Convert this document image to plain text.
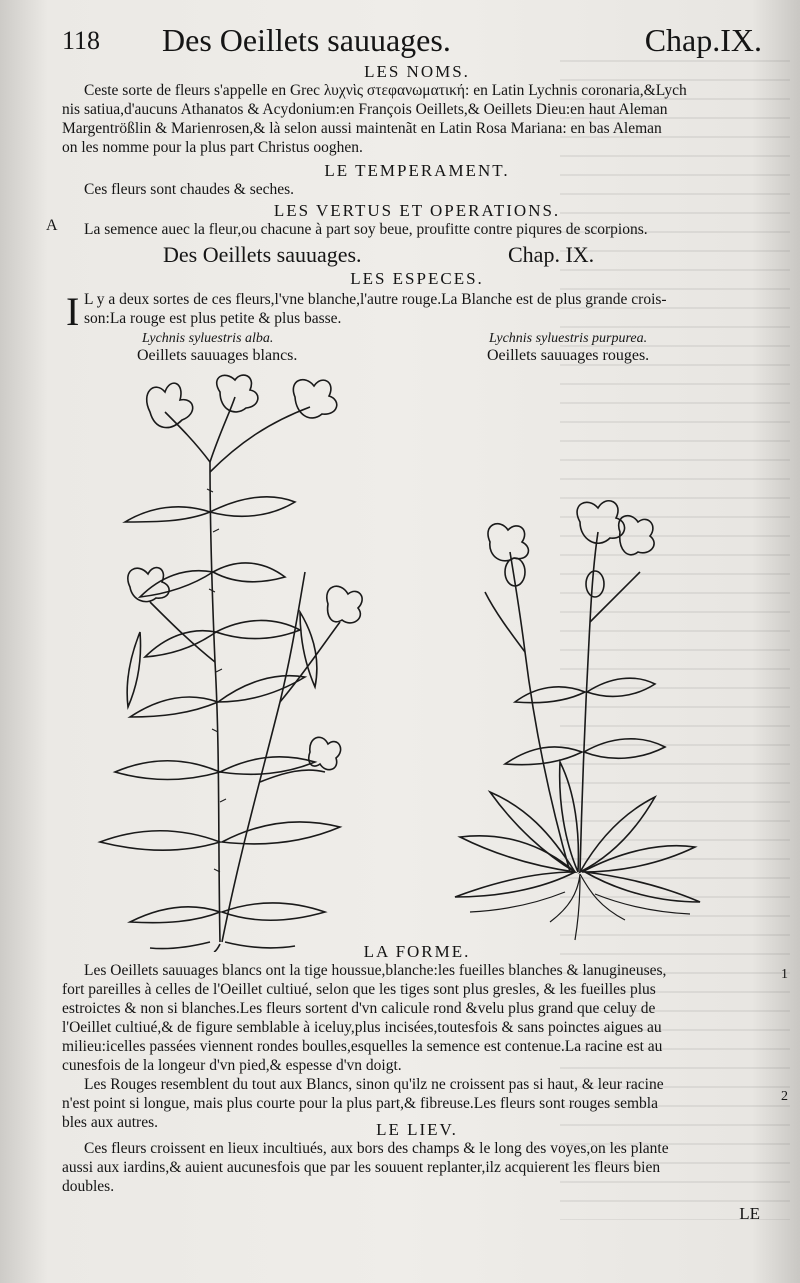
118 Des Oeillets sauuages.	Chap.IX.
LES NOMS.
Ceste sorte de fleurs s'appelle en Grec λυχνὶς στεφανωματική: en Latin Lychnis coronaria,&Lych
nis satiua,d'aucuns Athanatos & Acydonium:en François Oeillets,& Oeillets Dieu:en haut Aleman
Margentrößlin & Marienrosen,& là selon aussi maintenãt en Latin Rosa Mariana: en bas Aleman
on les nomme pour la plus part Christus ooghen.
LE TEMPERAMENT.
Ces fleurs sont chaudes & seches.
A
LES VERTUS ET OPERATIONS.
La semence auec la fleur,ou chacune à part soy beue, proufitte contre piqures de scorpions.
Des Oeillets sauuages.	Chap. IX.
LES ESPECES.
I L y a deux sortes de ces fleurs,l'vne blanche,l'autre rouge.La Blanche est de plus grande crois-
son:La rouge est plus petite & plus basse.
Lychnis syluestris alba.
Oeillets sauuages blancs.
Lychnis syluestris purpurea.
Oeillets sauuages rouges.
LA FORME.
Les Oeillets sauuages blancs ont la tige houssue,blanche:les fueilles blanches & lanugineuses,
fort pareilles à celles de l'Oeillet cultiué, selon que les tiges sont plus gresles, & les fueilles plus
estroictes & non si blanches.Les fleurs sortent d'vn calicule rond &velu plus grand que celuy de
l'Oeillet cultiué,& de figure semblable à iceluy,plus incisées,toutesfois & sans poinctes aigues au
milieu:icelles passées viennent rondes boulles,esquelles la semence est contenue.La racine est au
cunesfois de la longeur d'vn pied,& espesse d'vn doigt.
Les Rouges resemblent du tout aux Blancs, sinon qu'ilz ne croissent pas si haut, & leur racine
n'est point si longue, mais plus courte pour la plus part,& fibreuse.Les fleurs sont rouges sembla
bles aux autres.
1
2
LE LIEV.
Ces fleurs croissent en lieux incultiués, aux bors des champs & le long des voyes,on les plante
aussi aux iardins,& auient aucunesfois que par les souuent replanter,ilz acquierent les fleurs bien
doubles.
LE
